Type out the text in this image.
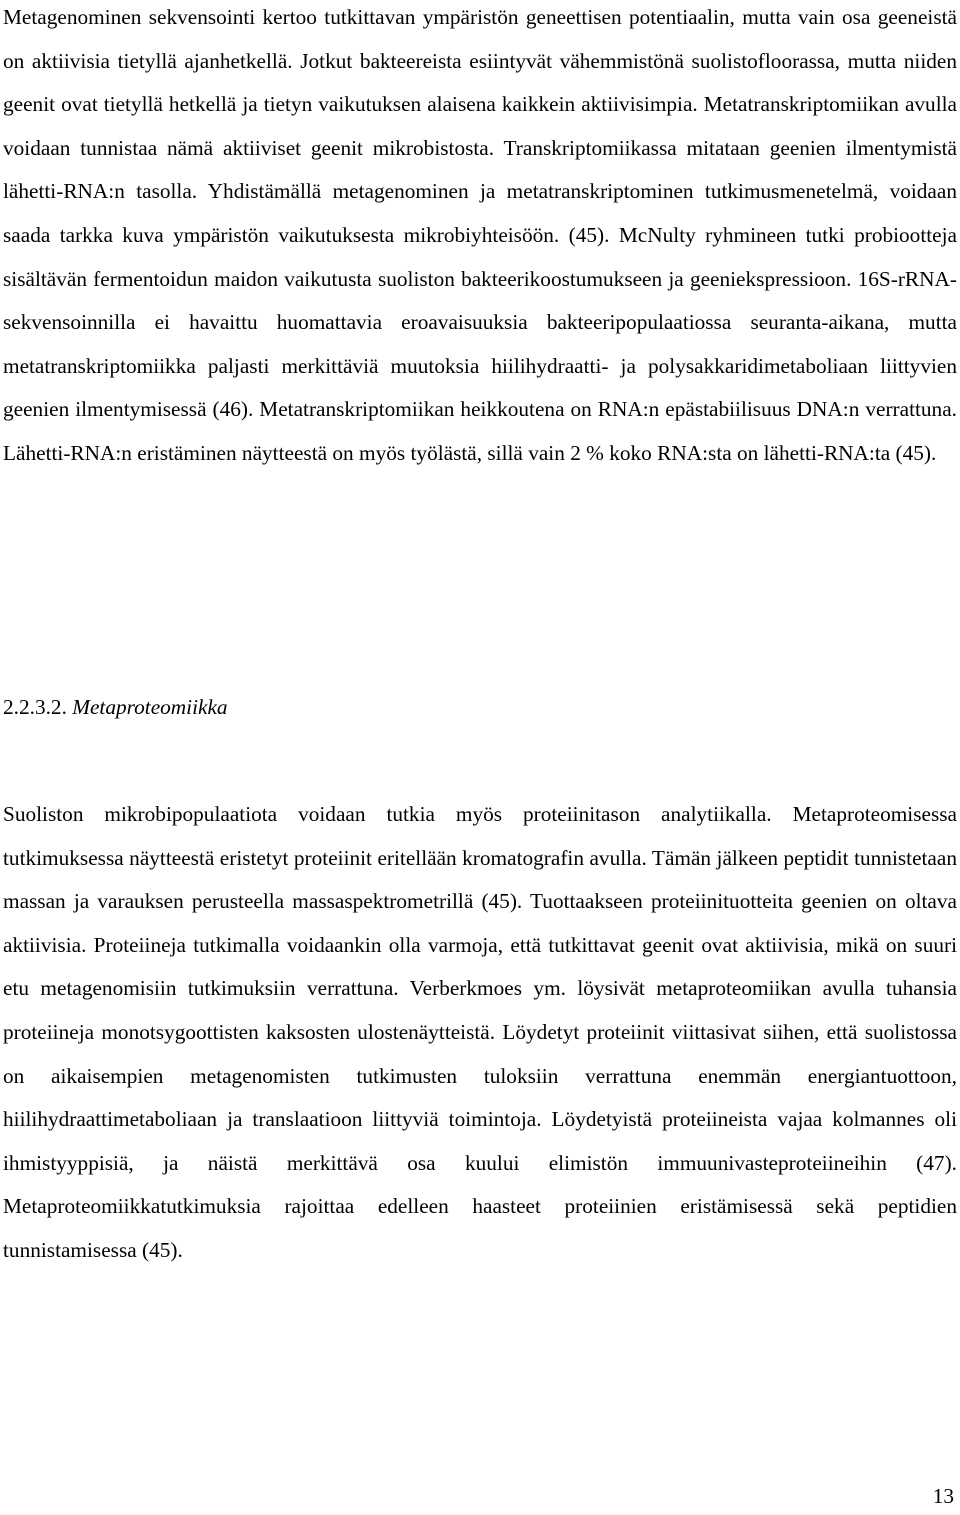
Metagenominen sekvensointi kertoo tutkittavan ympäristön geneettisen potentiaalin, mutta vain osa geeneistä on aktiivisia tietyllä ajanhetkellä. Jotkut bakteereista esiintyvät vähemmistönä suolistofloorassa, mutta niiden geenit ovat tietyllä hetkellä ja tietyn vaikutuksen alaisena kaikkein aktiivisimpia. Metatranskriptomiikan avulla voidaan tunnistaa nämä aktiiviset geenit mikrobistosta. Transkriptomiikassa mitataan geenien ilmentymistä lähetti-RNA:n tasolla. Yhdistämällä metagenominen ja metatranskriptominen tutkimusmenetelmä, voidaan saada tarkka kuva ympäristön vaikutuksesta mikrobiyhteisöön. (45). McNulty ryhmineen tutki probiootteja sisältävän fermentoidun maidon vaikutusta suoliston bakteerikoostumukseen ja geeniekspressioon. 16S-rRNA-sekvensoinnilla ei havaittu huomattavia eroavaisuuksia bakteeripopulaatiossa seuranta-aikana, mutta metatranskriptomiikka paljasti merkittäviä muutoksia hiilihydraatti- ja polysakkaridimetaboliaan liittyvien geenien ilmentymisessä (46). Metatranskriptomiikan heikkoutena on RNA:n epästabiilisuus DNA:n verrattuna. Lähetti-RNA:n eristäminen näytteestä on myös työlästä, sillä vain 2 % koko RNA:sta on lähetti-RNA:ta (45).

2.2.3.2. Metaproteomiikka

Suoliston mikrobipopulaatiota voidaan tutkia myös proteiinitason analytiikalla. Metaproteomisessa tutkimuksessa näytteestä eristetyt proteiinit eritellään kromatografin avulla. Tämän jälkeen peptidit tunnistetaan massan ja varauksen perusteella massaspektrometrillä (45). Tuottaakseen proteiinituotteita geenien on oltava aktiivisia. Proteiineja tutkimalla voidaankin olla varmoja, että tutkittavat geenit ovat aktiivisia, mikä on suuri etu metagenomisiin tutkimuksiin verrattuna. Verberkmoes ym. löysivät metaproteomiikan avulla tuhansia proteiineja monotsygoottisten kaksosten ulostenäytteistä. Löydetyt proteiinit viittasivat siihen, että suolistossa on aikaisempien metagenomisten tutkimusten tuloksiin verrattuna enemmän energiantuottoon, hiilihydraattimetaboliaan ja translaatioon liittyviä toimintoja. Löydetyistä proteiineista vajaa kolmannes oli ihmistyyppisiä, ja näistä merkittävä osa kuului elimistön immuunivasteproteiineihin (47). Metaproteomiikkatutkimuksia rajoittaa edelleen haasteet proteiinien eristämisessä sekä peptidien tunnistamisessa (45).

13
